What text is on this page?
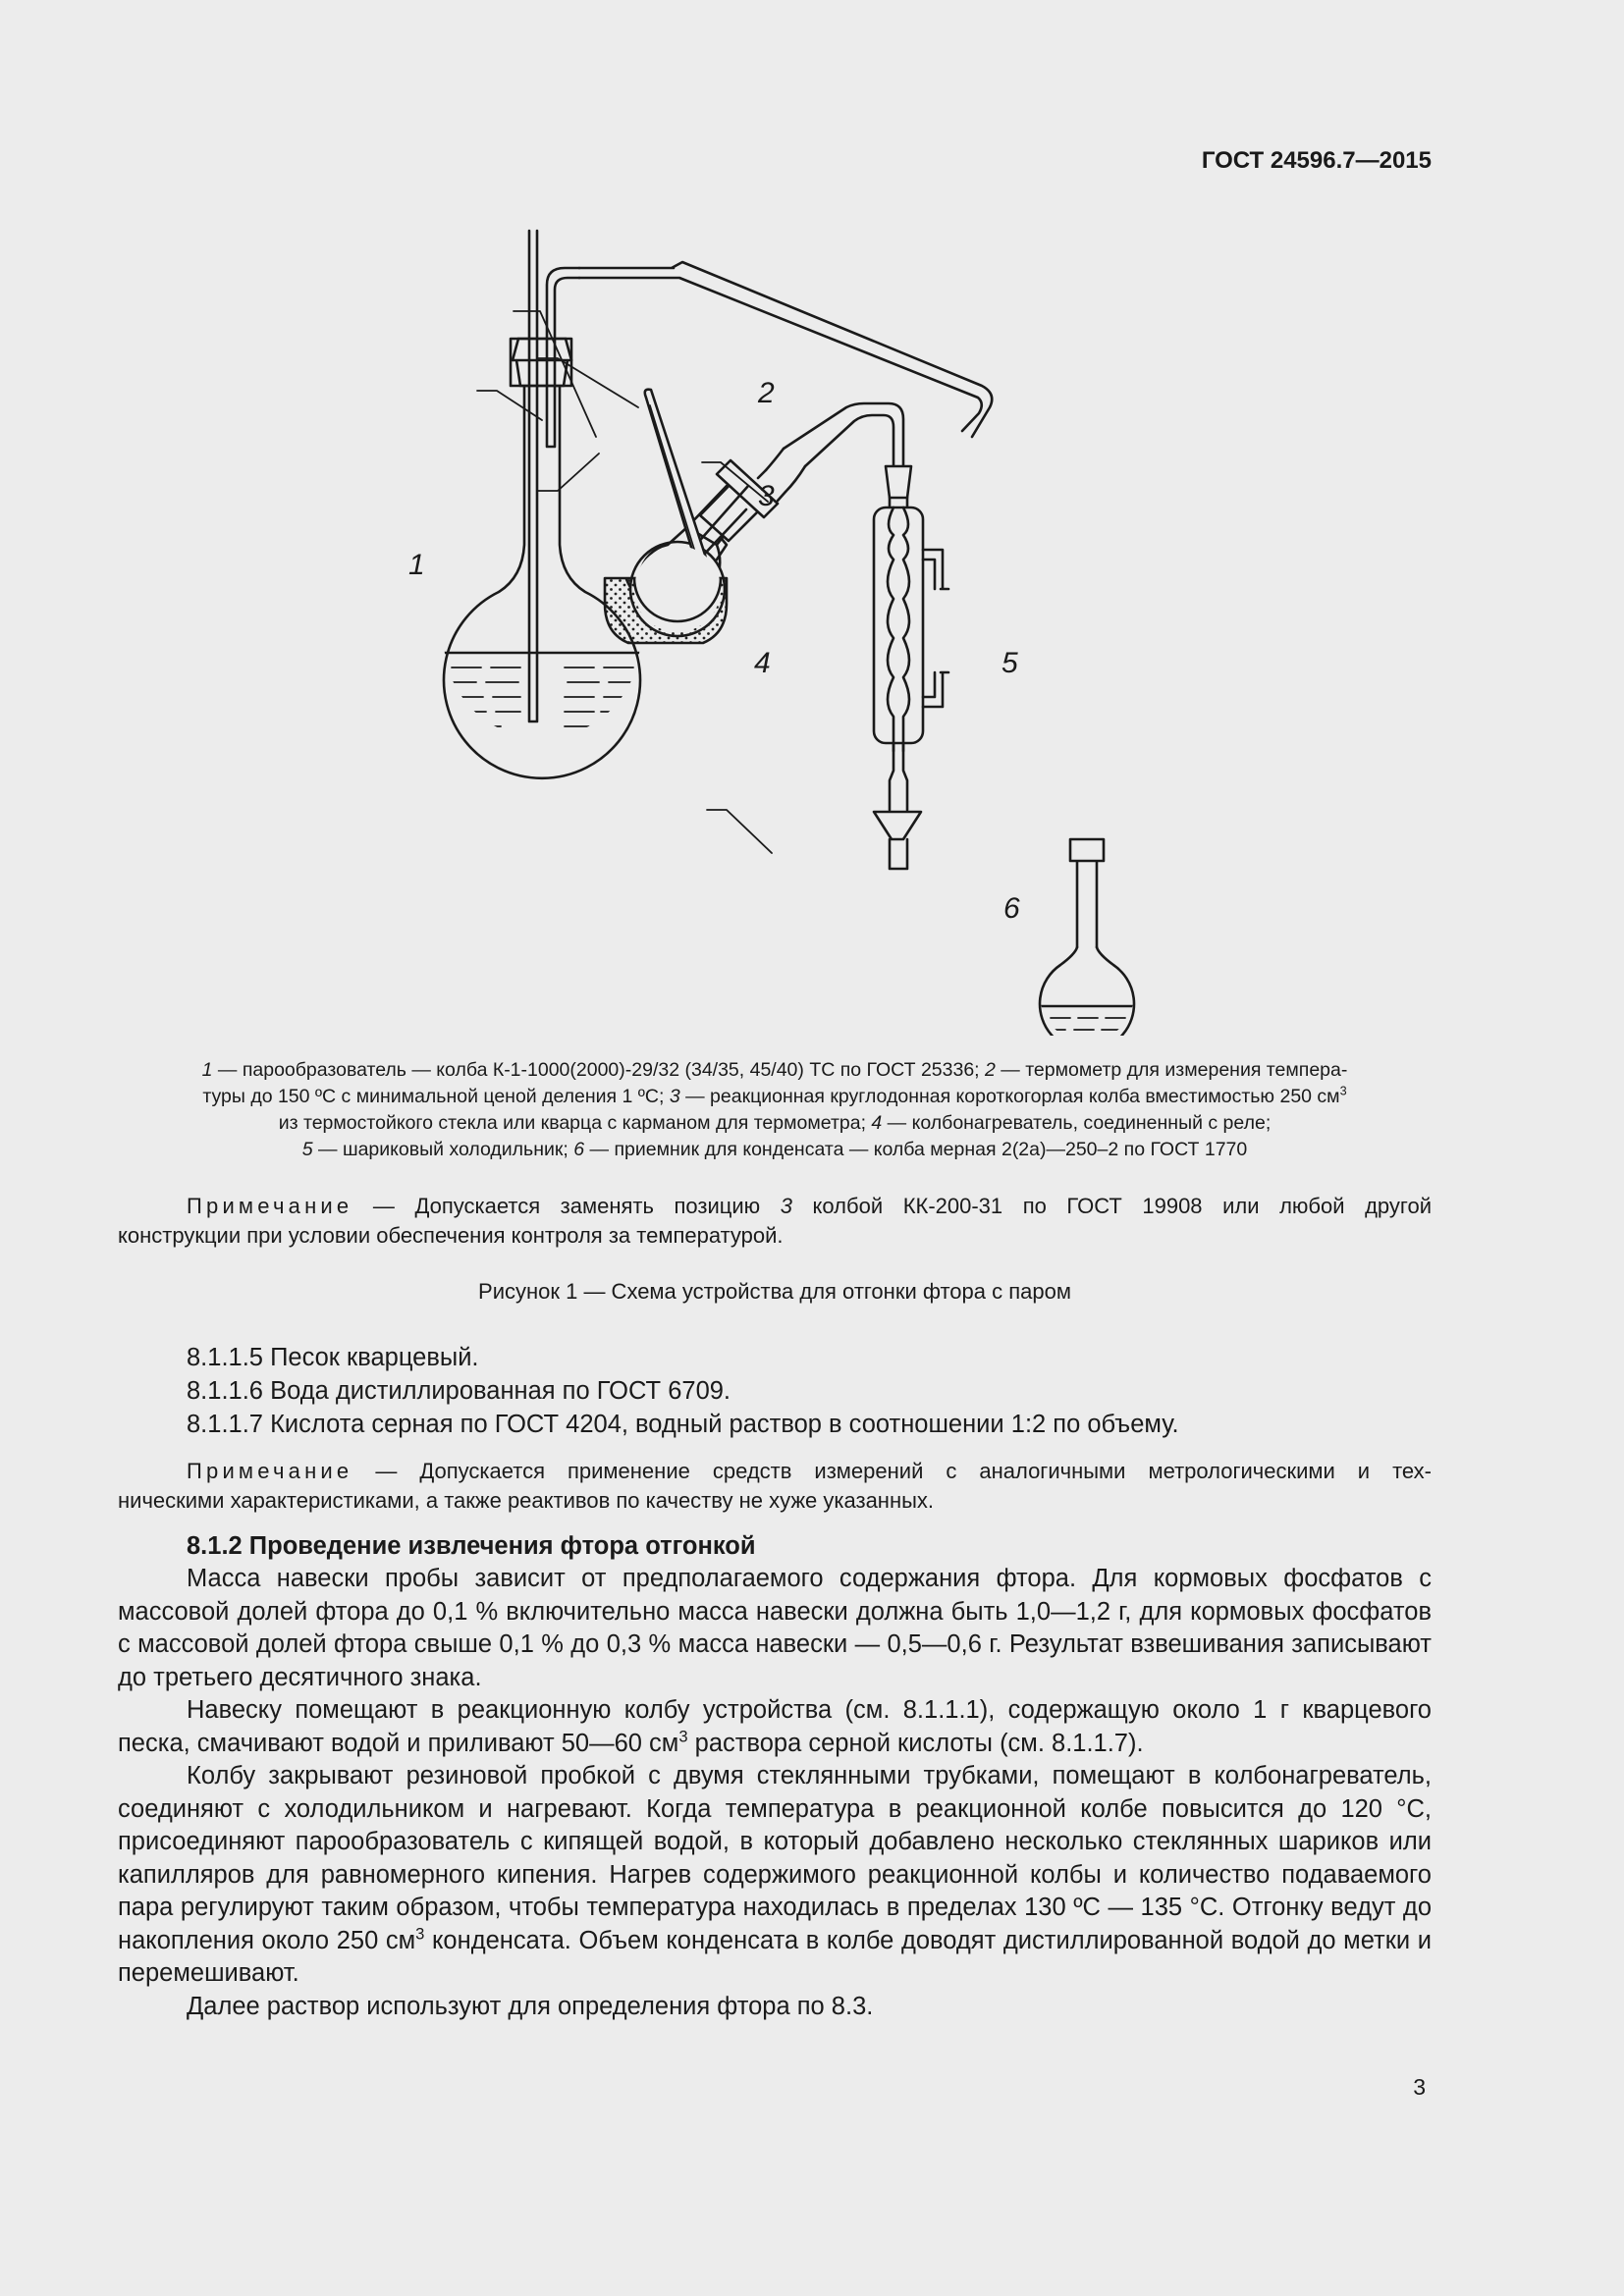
ГОСТ 24596.7—2015
1
2
3
4	5
6
1 — парообразователь — колба К-1-1000(2000)-29/32 (34/35, 45/40) ТС по ГОСТ 25336; 2 — термометр для измерения темпера-
туры до 150 ºС с минимальной ценой деления 1 ºС; 3 — реакционная круглодонная короткогорлая колба вместимостью 250 $см^3$
из термостойкого стекла или кварца с карманом для термометра; 4 — колбонагреватель, соединенный с реле;
5 — шариковый холодильник; 6 — приемник для конденсата — колба мерная 2(2а)—250–2 по ГОСТ 1770
Примечание — Допускается заменять позицию 3 колбой КК-200-31 по ГОСТ 19908 или любой другой
конструкции при условии обеспечения контроля за температурой.
Рисунок 1 — Схема устройства для отгонки фтора с паром
8.1.1.5 Песок кварцевый.
8.1.1.6 Вода дистиллированная по ГОСТ 6709.
8.1.1.7 Кислота серная по ГОСТ 4204, водный раствор в соотношении 1:2 по объему.
Примечание — Допускается применение средств измерений с аналогичными метрологическими и тех-
ническими характеристиками, а также реактивов по качеству не хуже указанных.
8.1.2 Проведение извлечения фтора отгонкой

Масса навески пробы зависит от предполагаемого содержания фтора. Для кормовых фосфатов с массовой долей фтора до 0,1 % включительно масса навески должна быть 1,0—1,2 г, для кормовых фосфатов с массовой долей фтора свыше 0,1 % до 0,3 % масса навески — 0,5—0,6 г. Результат взвешивания записывают до третьего десятичного знака.

Навеску помещают в реакционную колбу устройства (см. 8.1.1.1), содержащую около 1 г кварцевого песка, смачивают водой и приливают 50—60 $см^3$ раствора серной кислоты (см. 8.1.1.7).

Колбу закрывают резиновой пробкой с двумя стеклянными трубками, помещают в колбонагреватель, соединяют с холодильником и нагревают. Когда температура в реакционной колбе повысится до 120 °С, присоединяют парообразователь с кипящей водой, в который добавлено несколько стеклянных шариков или капилляров для равномерного кипения. Нагрев содержимого реакционной колбы и количество подаваемого пара регулируют таким образом, чтобы температура находилась в пределах 130 ºС — 135 °С. Отгонку ведут до накопления около 250 $см^3$ конденсата. Объем конденсата в колбе доводят дистиллированной водой до метки и перемешивают.

Далее раствор используют для определения фтора по 8.3.

3
